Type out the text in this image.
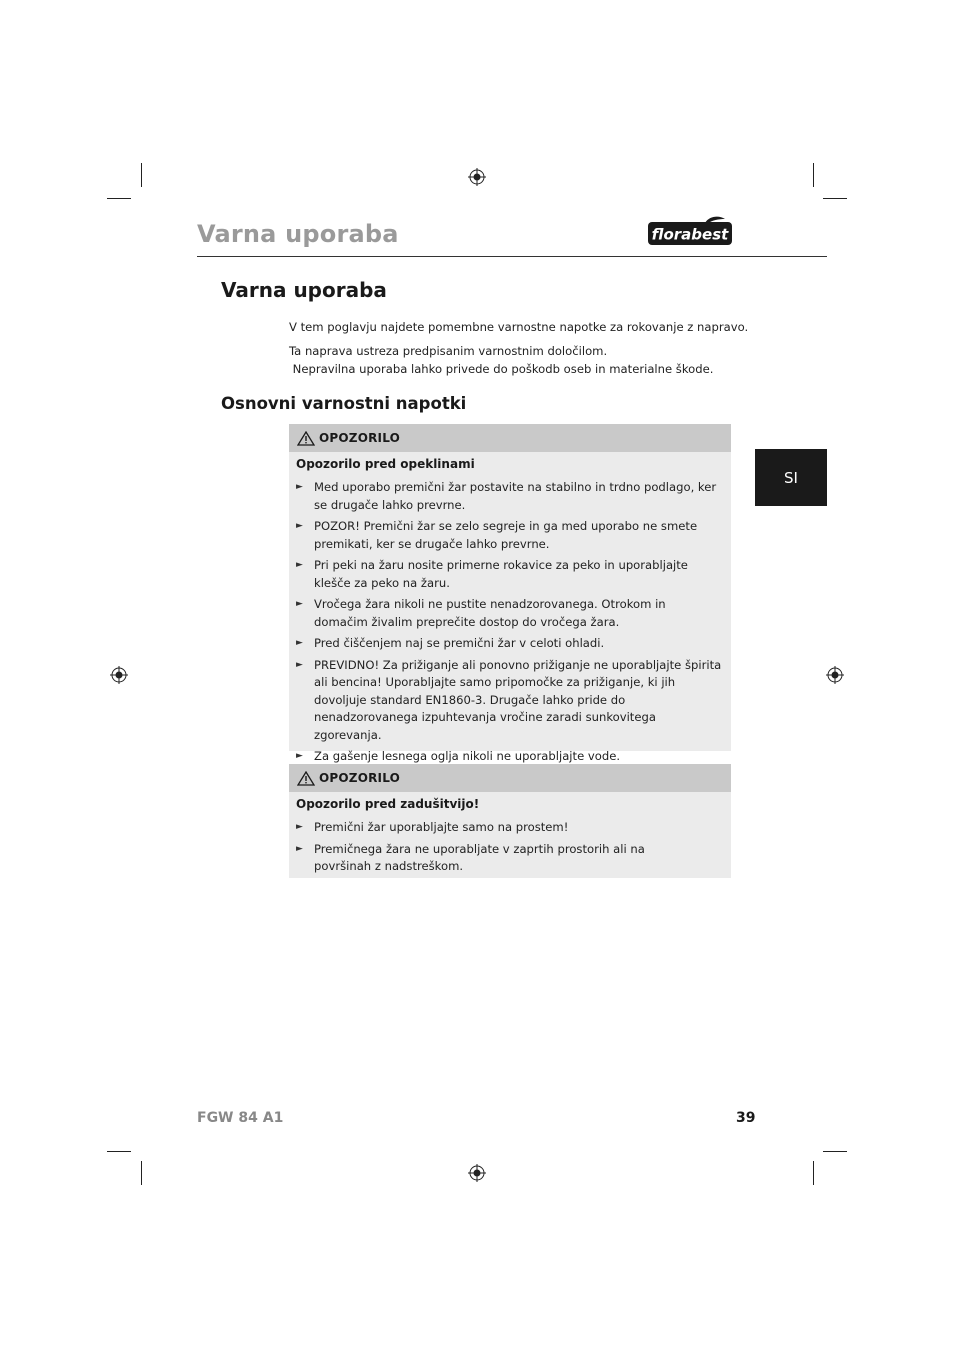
Varna uporaba	florabest
SI
Varna uporaba
V tem poglavju najdete pomembne varnostne napotke za rokovanje z napravo.
Ta naprava ustreza predpisanim varnostnim določilom.
Nepravilna uporaba lahko privede do poškodb oseb in materialne škode.
Osnovni varnostni napotki
OPOZORILO
Opozorilo pred opeklinami
► Med uporabo premični žar postavite na stabilno in trdno podlago, ker se drugače lahko prevrne.
► POZOR! Premični žar se zelo segreje in ga med uporabo ne smete premikati, ker se drugače lahko prevrne.
► Pri peki na žaru nosite primerne rokavice za peko in uporabljajte klešče za peko na žaru.
► Vročega žara nikoli ne pustite nenadzorovanega. Otrokom in domačim živalim preprečite dostop do vročega žara.
► Pred čiščenjem naj se premični žar v celoti ohladi.
► PREVIDNO! Za prižiganje ali ponovno prižiganje ne uporabljajte špirita ali bencina! Uporabljajte samo pripomočke za prižiganje, ki jih dovoljuje standard EN1860-3. Drugače lahko pride do nenadzorovanega izpuhtevanja vročine zaradi sunkovitega zgorevanja.
► Za gašenje lesnega oglja nikoli ne uporabljajte vode.
OPOZORILO
Opozorilo pred zadušitvijo!
► Premični žar uporabljajte samo na prostem!
► Premičnega žara ne uporabljate v zaprtih prostorih ali na površinah z nadstreškom.
FGW 84 A1	39
